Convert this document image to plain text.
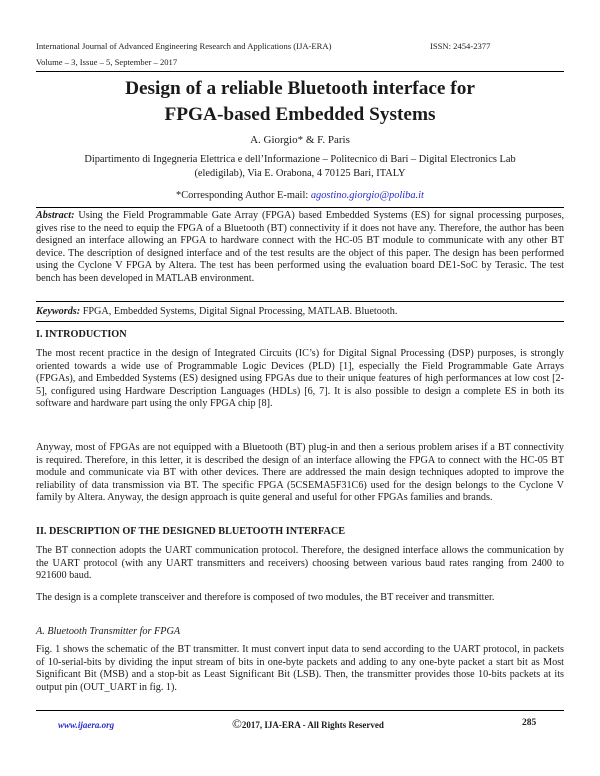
International Journal of Advanced Engineering Research and Applications (IJA-ERA)	ISSN: 2454-2377
Volume – 3, Issue – 5, September – 2017
Design of a reliable Bluetooth interface for
FPGA-based Embedded Systems
A. Giorgio* & F. Paris
Dipartimento di Ingegneria Elettrica e dell’Informazione – Politecnico di Bari – Digital Electronics Lab
(eledigilab), Via E. Orabona, 4 70125 Bari, ITALY
*Corresponding Author E-mail: agostino.giorgio@poliba.it
Abstract: Using the Field Programmable Gate Array (FPGA) based Embedded Systems (ES) for signal processing purposes, gives rise to the need to equip the FPGA of a Bluetooth (BT) connectivity if it does not have any. Therefore, the author has been designed an interface allowing an FPGA to hardware connect with the HC-05 BT module to communicate with any other BT device. The description of designed interface and of the test results are the object of this paper. The design has been performed using the Cyclone V FPGA by Altera. The test has been performed using the evaluation board DE1-SoC by Terasic. The test bench has been developed in MATLAB environment.
Keywords: FPGA, Embedded Systems, Digital Signal Processing, MATLAB. Bluetooth.
I. INTRODUCTION
The most recent practice in the design of Integrated Circuits (IC’s) for Digital Signal Processing (DSP) purposes, is strongly oriented towards a wide use of Programmable Logic Devices (PLD) [1], especially the Field Programmable Gate Arrays (FPGAs), and Embedded Systems (ES) designed using FPGAs due to their unique features of high performances at low cost [2-5], configured using Hardware Description Languages (HDLs) [6, 7]. It is also possible to design a complete ES in both its software and hardware part using the only FPGA chip [8].
Anyway, most of FPGAs are not equipped with a Bluetooth (BT) plug-in and then a serious problem arises if a BT connectivity is required. Therefore, in this letter, it is described the design of an interface allowing the FPGA to connect with the HC-05 BT module and communicate via BT with other devices. There are addressed the main design techniques adopted to improve the reliability of data transmission via BT. The specific FPGA (5CSEMA5F31C6) used for the design belongs to the Cyclone V family by Altera. Anyway, the design approach is quite general and useful for other FPGAs families and brands.
II. DESCRIPTION OF THE DESIGNED BLUETOOTH INTERFACE
The BT connection adopts the UART communication protocol. Therefore, the designed interface allows the communication by the UART protocol (with any UART transmitters and receivers) choosing between various baud rates ranging from 2400 to 921600 baud.
The design is a complete transceiver and therefore is composed of two modules, the BT receiver and transmitter.
A. Bluetooth Transmitter for FPGA
Fig. 1 shows the schematic of the BT transmitter. It must convert input data to send according to the UART protocol, in packets of 10-serial-bits by dividing the input stream of bits in one-byte packets and adding to any one-byte packet a start bit as Most Significant Bit (MSB) and a stop-bit as Least Significant Bit (LSB). Then, the transmitter provides those 10-bits packets at its output pin (OUT_UART in fig. 1).
www.ijaera.org	©2017, IJA-ERA - All Rights Reserved	285
